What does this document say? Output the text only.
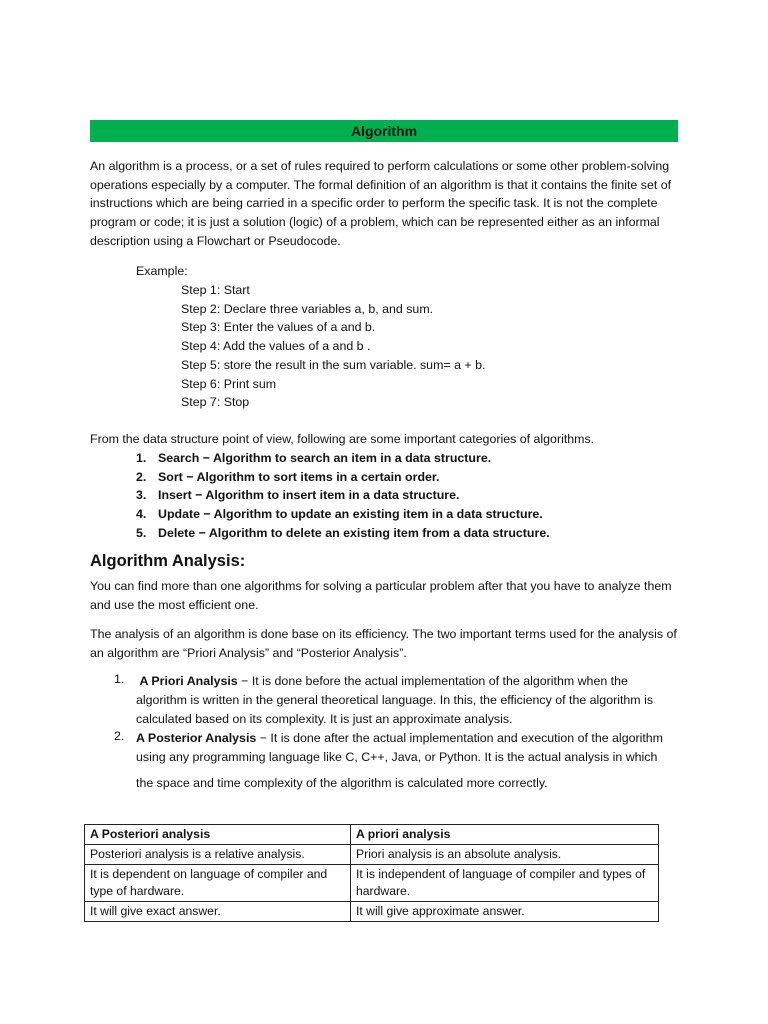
Algorithm
An algorithm is a process, or a set of rules required to perform calculations or some other problem-solving operations especially by a computer. The formal definition of an algorithm is that it contains the finite set of instructions which are being carried in a specific order to perform the specific task. It is not the complete program or code; it is just a solution (logic) of a problem, which can be represented either as an informal description using a Flowchart or Pseudocode.
Example:
Step 1: Start
Step 2: Declare three variables a, b, and sum.
Step 3: Enter the values of a and b.
Step 4: Add the values of a and b .
Step 5: store the result in the sum variable. sum= a + b.
Step 6: Print sum
Step 7: Stop
From the data structure point of view, following are some important categories of algorithms.
1. Search − Algorithm to search an item in a data structure.
2. Sort − Algorithm to sort items in a certain order.
3. Insert − Algorithm to insert item in a data structure.
4. Update − Algorithm to update an existing item in a data structure.
5. Delete − Algorithm to delete an existing item from a data structure.
Algorithm Analysis:
You can find more than one algorithms for solving a particular problem after that you have to analyze them and use the most efficient one.
The analysis of an algorithm is done base on its efficiency. The two important terms used for the analysis of an algorithm are “Priori Analysis” and “Posterior Analysis”.
1. A Priori Analysis − It is done before the actual implementation of the algorithm when the
algorithm is written in the general theoretical language. In this, the efficiency of the algorithm is
calculated based on its complexity. It is just an approximate analysis.
2. A Posterior Analysis − It is done after the actual implementation and execution of the algorithm
using any programming language like C, C++, Java, or Python. It is the actual analysis in which
the space and time complexity of the algorithm is calculated more correctly.
A Posteriori analysis	A priori analysis
Posteriori analysis is a relative analysis.	Priori analysis is an absolute analysis.
It is dependent on language of compiler and type of hardware.	It is independent of language of compiler and types of hardware.
It will give exact answer.	It will give approximate answer.
